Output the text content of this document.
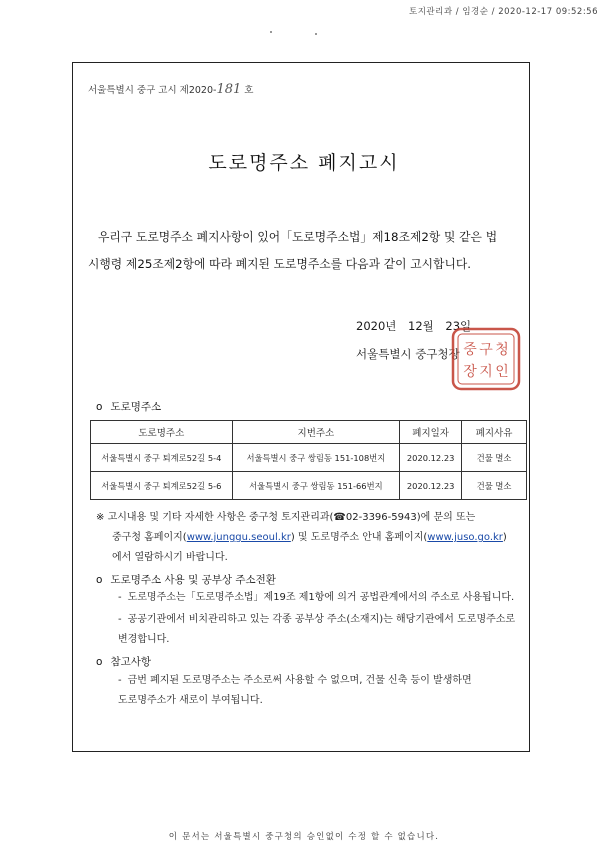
토지관리과 / 임경순 / 2020-12-17 09:52:56
서울특별시 중구 고시 제2020-181 호
도로명주소 폐지고시

우리구 도로명주소 폐지사항이 있어「도로명주소법」제18조제2항 및 같은 법

시행령 제25조제2항에 따라 폐지된 도로명주소를 다음과 같이 고시합니다.

2020년 12월 23일
서울특별시 중구청장 중 구 청
장 지 인
o 도로명주소
도로명주소	지번주소	폐지일자	폐지사유
서울특별시 중구 퇴계로52길 5-4	서울특별시 중구 쌍림동 151-108번지	2020.12.23	건물 멸소
서울특별시 중구 퇴계로52길 5-6	서울특별시 중구 쌍림동 151-66번지	2020.12.23	건물 멸소
※ 고시내용 및 기타 자세한 사항은 중구청 토지관리과(☎02-3396-5943)에 문의 또는
중구청 홈페이지(www.junggu.seoul.kr) 및 도로명주소 안내 홈페이지(www.juso.go.kr)
에서 열람하시기 바랍니다.
o 도로명주소 사용 및 공부상 주소전환
- 도로명주소는「도로명주소법」제19조 제1항에 의거 공법관계에서의 주소로 사용됩니다.
- 공공기관에서 비치관리하고 있는 각종 공부상 주소(소재지)는 해당기관에서 도로명주소로
변경합니다.
o 참고사항
- 금번 폐지된 도로명주소는 주소로써 사용할 수 없으며, 건물 신축 등이 발생하면
도로명주소가 새로이 부여됩니다.
이 문서는 서울특별시 중구청의 승인없이 수정 할 수 없습니다.
